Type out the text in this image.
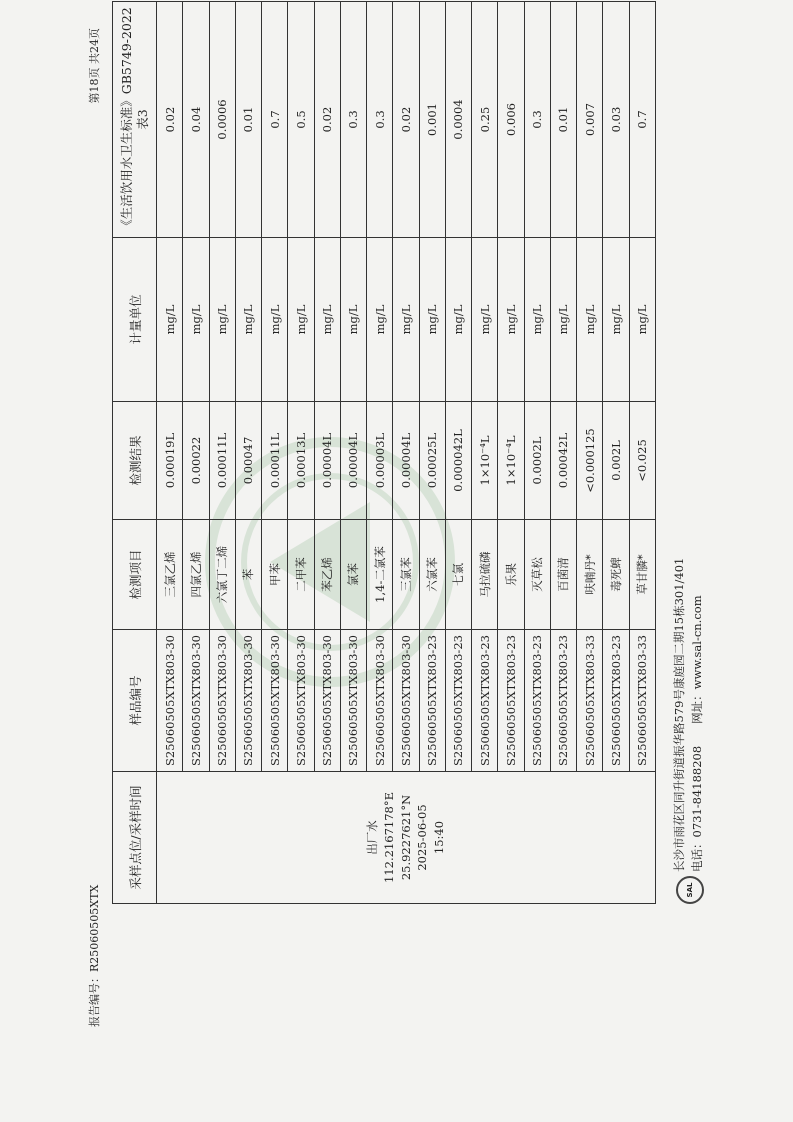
报告编号：R25060505XTX
第18页 共24页
采样点位/采样时间	样品编号	检测项目	检测结果	计量单位	《生活饮用水卫生标准》GB5749-2022 表3

出厂水 112.2167178°E 25.9227621°N 2025-06-05 15:40	S25060505XTX803-30	三氯乙烯	0.00019L	mg/L	0.02
	S25060505XTX803-30	四氯乙烯	0.00022	mg/L	0.04
	S25060505XTX803-30	六氯丁二烯	0.00011L	mg/L	0.0006
	S25060505XTX803-30	苯	0.00047	mg/L	0.01
	S25060505XTX803-30	甲苯	0.00011L	mg/L	0.7
	S25060505XTX803-30	二甲苯	0.00013L	mg/L	0.5
	S25060505XTX803-30	苯乙烯	0.00004L	mg/L	0.02
	S25060505XTX803-30	氯苯	0.00004L	mg/L	0.3
	S25060505XTX803-30	1,4-二氯苯	0.00003L	mg/L	0.3
	S25060505XTX803-30	三氯苯	0.00004L	mg/L	0.02
	S25060505XTX803-23	六氯苯	0.00025L	mg/L	0.001
	S25060505XTX803-23	七氯	0.000042L	mg/L	0.0004
	S25060505XTX803-23	马拉硫磷	1×10⁻⁴L	mg/L	0.25
	S25060505XTX803-23	乐果	1×10⁻⁴L	mg/L	0.006
	S25060505XTX803-23	灭草松	0.0002L	mg/L	0.3
	S25060505XTX803-23	百菌清	0.00042L	mg/L	0.01
	S25060505XTX803-33	呋喃丹*	<0.000125	mg/L	0.007
	S25060505XTX803-23	毒死蜱	0.002L	mg/L	0.03
	S25060505XTX803-33	草甘膦*	<0.025	mg/L	0.7
SAL
长沙市雨花区同升街道振华路579号康庭园二期15栋301/401 电话：0731-84188208网址：www.sal-cn.com
